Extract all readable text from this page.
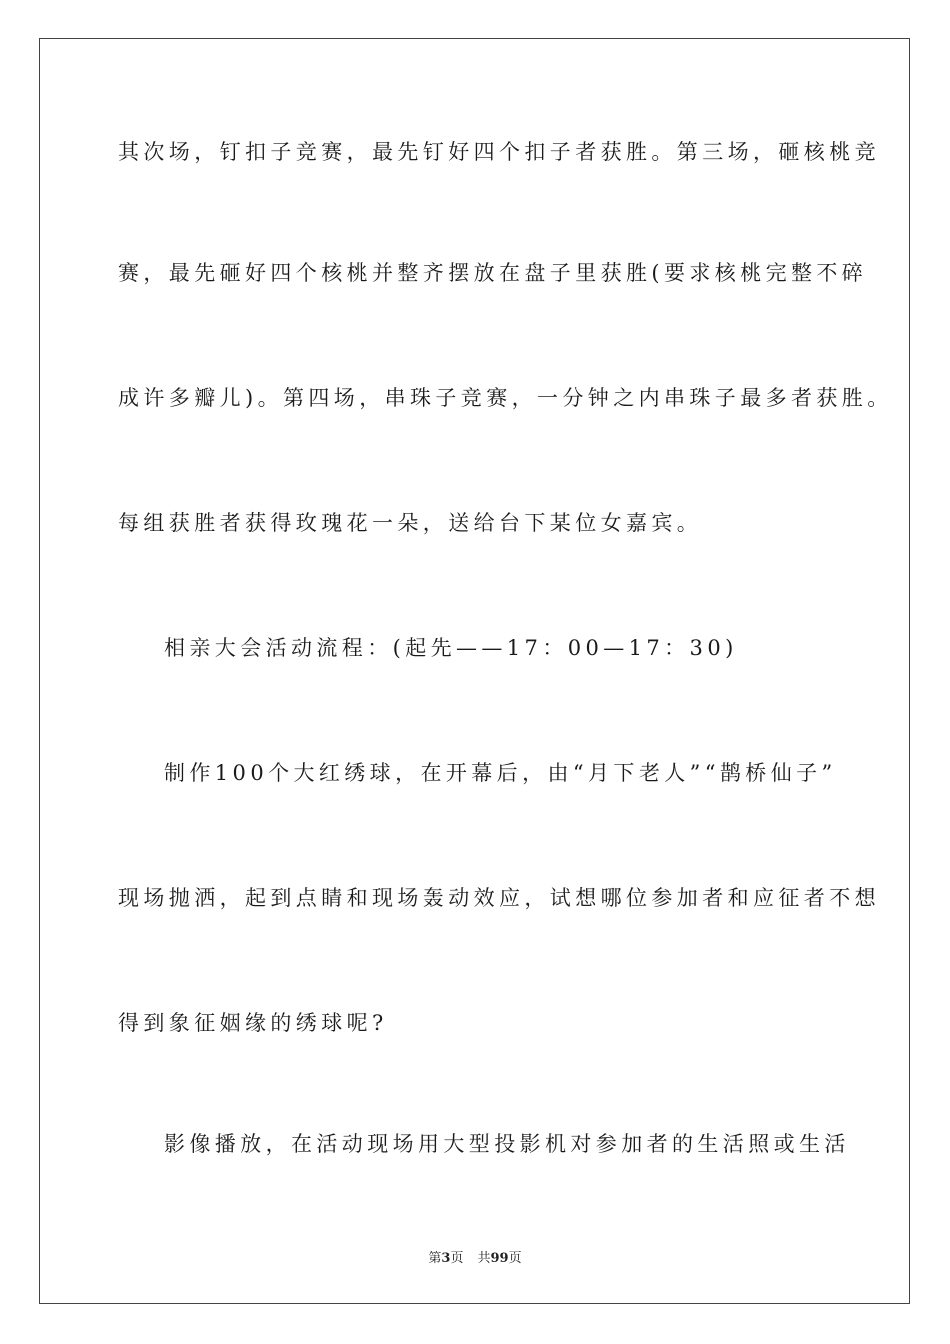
其次场，钉扣子竞赛，最先钉好四个扣子者获胜。第三场，砸核桃竞
赛，最先砸好四个核桃并整齐摆放在盘子里获胜(要求核桃完整不碎
成许多瓣儿)。第四场，串珠子竞赛，一分钟之内串珠子最多者获胜。
每组获胜者获得玫瑰花一朵，送给台下某位女嘉宾。
相亲大会活动流程：(起先——17：00—17：30)
制作100个大红绣球，在开幕后，由“月下老人”“鹊桥仙子”
现场抛洒，起到点睛和现场轰动效应，试想哪位参加者和应征者不想
得到象征姻缘的绣球呢?
影像播放，在活动现场用大型投影机对参加者的生活照或生活
第3页 共99页
